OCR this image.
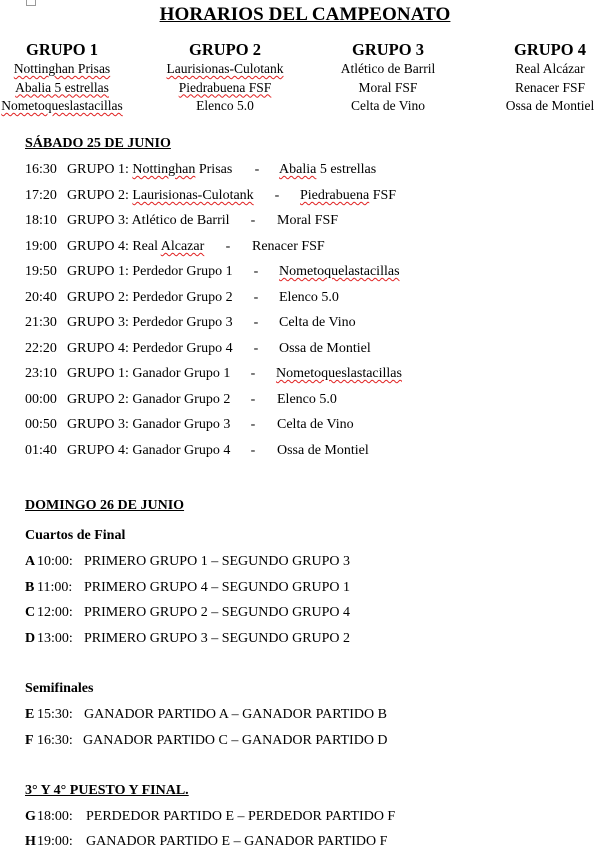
HORARIOS DEL CAMPEONATO
GRUPO 1
Nottinghan Prisas
Abalia 5 estrellas
Nometoqueslastacillas
GRUPO 2
Laurisionas-Culotank
Piedrabuena FSF
Elenco 5.0
GRUPO 3
Atlético de Barril
Moral FSF
Celta de Vino
GRUPO 4
Real Alcázar
Renacer FSF
Ossa de Montiel
SÁBADO 25 DE JUNIO
16:30 GRUPO 1: Nottinghan Prisas - Abalia 5 estrellas
17:20 GRUPO 2: Laurisionas-Culotank - Piedrabuena FSF
18:10 GRUPO 3: Atlético de Barril - Moral FSF
19:00 GRUPO 4: Real Alcazar - Renacer FSF
19:50 GRUPO 1: Perdedor Grupo 1 - Nometoquelastacillas
20:40 GRUPO 2: Perdedor Grupo 2 - Elenco 5.0
21:30 GRUPO 3: Perdedor Grupo 3 - Celta de Vino
22:20 GRUPO 4: Perdedor Grupo 4 - Ossa de Montiel
23:10 GRUPO 1: Ganador Grupo 1 - Nometoqueslastacillas
00:00 GRUPO 2: Ganador Grupo 2 - Elenco 5.0
00:50 GRUPO 3: Ganador Grupo 3 - Celta de Vino
01:40 GRUPO 4: Ganador Grupo 4 - Ossa de Montiel
DOMINGO 26 DE JUNIO
Cuartos de Final
A 10:00: PRIMERO GRUPO 1 – SEGUNDO GRUPO 3
B 11:00: PRIMERO GRUPO 4 – SEGUNDO GRUPO 1
C 12:00: PRIMERO GRUPO 2 – SEGUNDO GRUPO 4
D 13:00: PRIMERO GRUPO 3 – SEGUNDO GRUPO 2
Semifinales
E 15:30: GANADOR PARTIDO A – GANADOR PARTIDO B
F 16:30: GANADOR PARTIDO C – GANADOR PARTIDO D
3° Y 4° PUESTO Y FINAL.
G 18:00: PERDEDOR PARTIDO E – PERDEDOR PARTIDO F
H 19:00: GANADOR PARTIDO E – GANADOR PARTIDO F
